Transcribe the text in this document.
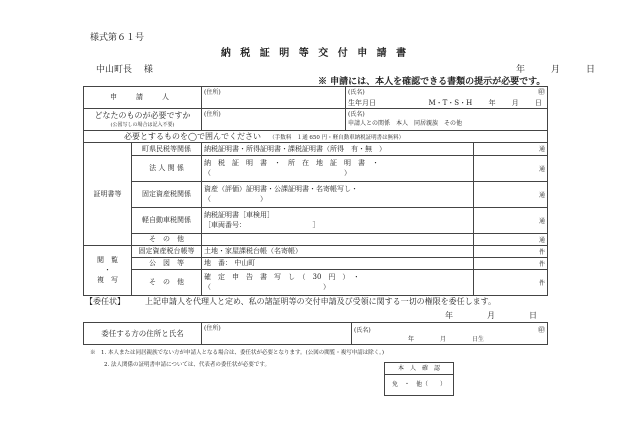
様式第６１号
納 税 証 明 等 交 付 申 請 書
中山町長　 様	年	月	日
※ 申請には、本人を確認できる書類の提示が必要です。
申　請　人		(住所)	(氏名) ㊞	

			生年月日 M・T・S・H 年 月 日	
どなたのものが必要ですか
(公図写しの場合は記入不要)		(住所)	(氏名)
申請人との関係　本人　同居親族　その他	
必要とするものを◯で囲んでください （手数料　１通 650 円・軽自動車納税証明書は無料）				
証明書等	町県民税等関係	納税証明書・所得証明書・課税証明書（所得　有・無　）		通
	法 人 関 係	納　税　証　明　書　・　所　在　地　証　明　書　・
（　　　　　　　　　　　　　　　　　　　）		通
	固定資産税関係	資産（評価）証明書・公課証明書・名寄帳写し・
（　　　　　　　）		通
	軽自動車税関係	納税証明書［車検用］
［車両番号：　　　　　　　　　　］		通
	そ　の　他			通

閲　覧
・
複　写	固定資産税台帳等	土地・家屋課税台帳（名寄帳）		件
	公　図　等	地　番： 中山町		件
	そ　の　他	確　定　申　告　書　写　し　（　30　円　）　・
（　　　　　　　　　　　　　　　　）		件
【委任状】	上記申請人を代理人と定め、私の諸証明等の交付申請及び受領に関する一切の権限を委任します。
年	月	日
委任する方の住所と氏名	(住所)	(氏名)	㊞
年	月	日生
※　1. 本人または同居親族でない方が申請人となる場合は、委任状が必要となります。(公図の閲覧・複写申請は除く。)
2. 法人関係の証明書申請については、代表者の委任状が必要です。	本　人　確　認
免　・　他（　　）
